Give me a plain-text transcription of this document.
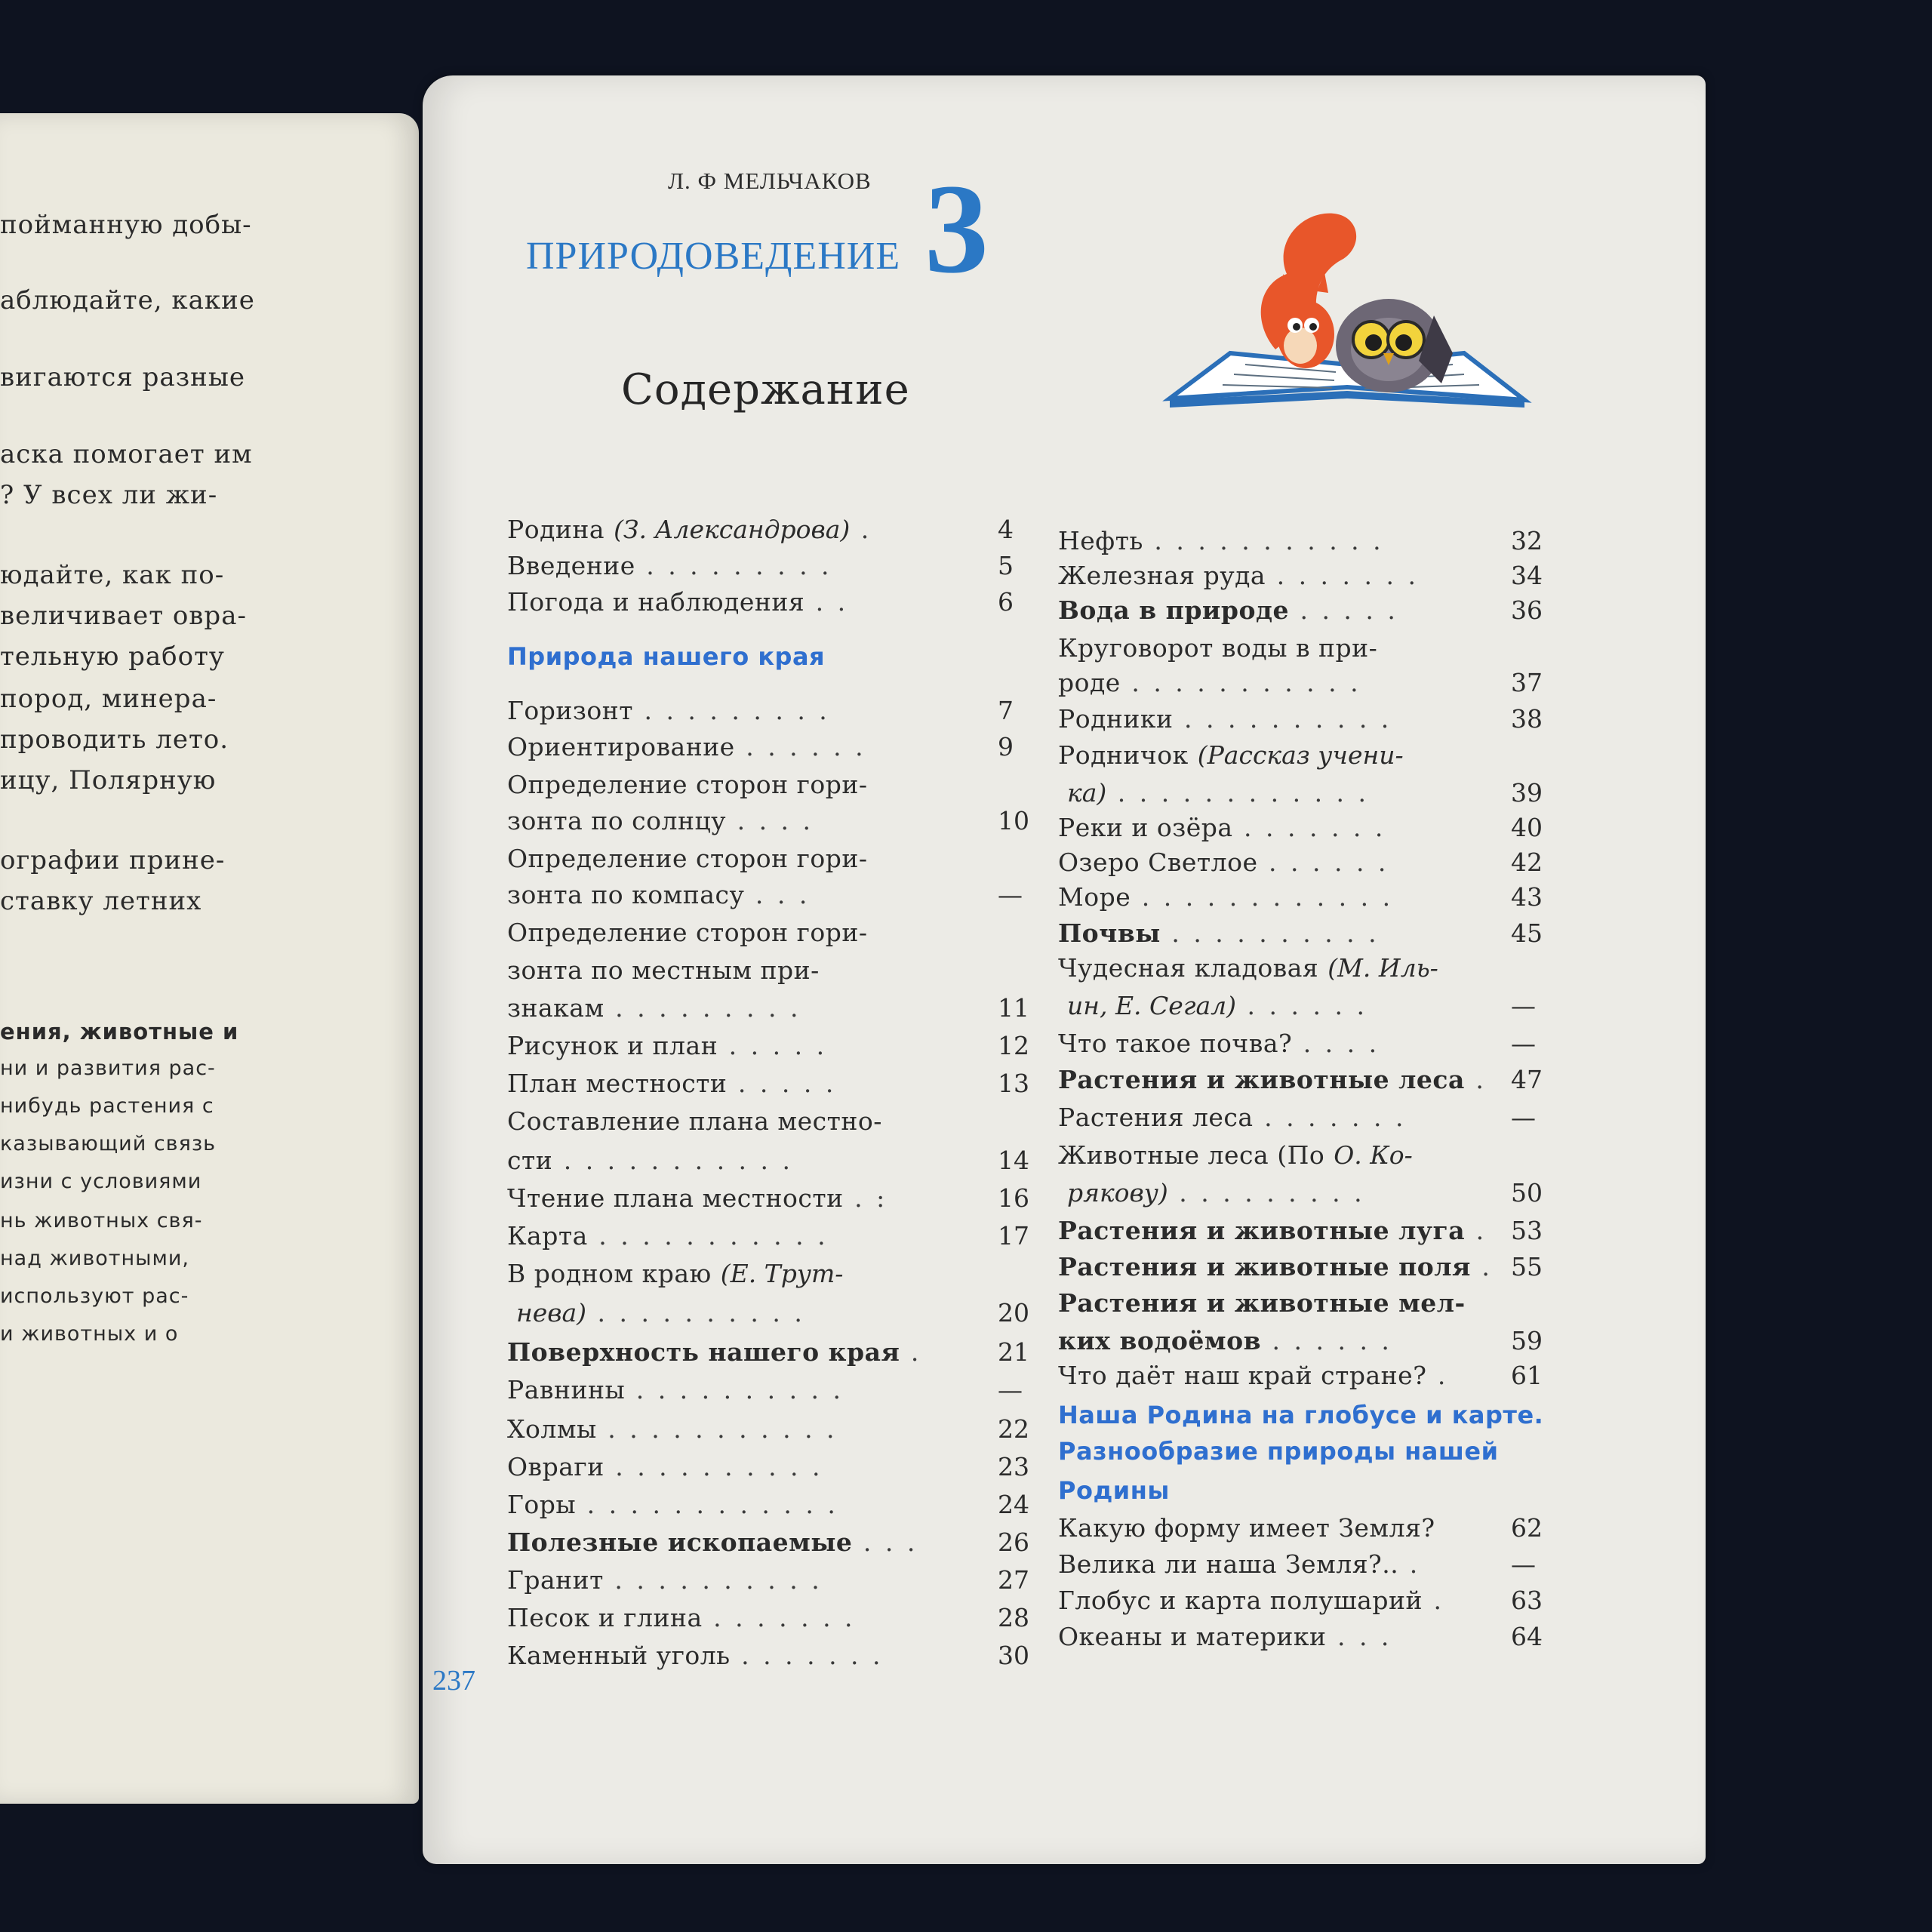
пойманную добы-
аблюдайте, какие
вигаются разные
аска помогает им
? У всех ли жи-
юдайте, как по-
величивает овра-
тельную работу
пород, минера-
проводить лето.
ицу, Полярную
ографии прине-
ставку летних
ения, животные и
ни и развития рас-
нибудь растения с
казывающий связь
изни с условиями
нь животных свя-
над животными,
используют рас-
и животных и о
Л. Ф МЕЛЬЧАКОВ
ПРИРОДОВЕДЕНИЕ 3
Содержание
Родина (З. Александрова) .	4
Введение . . . . . . . . .	5
Погода и наблюдения . .	6
Природа нашего края
Горизонт . . . . . . . . .	7
Ориентирование . . . . . .	9
Определение сторон гори-
зонта по солнцу . . . .	10
Определение сторон гори-
зонта по компасу . . .	—
Определение сторон гори-
зонта по местным при-
знакам . . . . . . . . .	11
Рисунок и план . . . . .	12
План местности . . . . .	13
Составление плана местно-
сти . . . . . . . . . . .	14
Чтение плана местности . :	16
Карта . . . . . . . . . . .	17
В родном краю (Е. Трут-
нева) . . . . . . . . . .	20
Поверхность нашего края .	21
Равнины . . . . . . . . . .	—
Холмы . . . . . . . . . . .	22
Овраги . . . . . . . . . .	23
Горы . . . . . . . . . . . .	24
Полезные ископаемые . . .	26
Гранит . . . . . . . . . .	27
Песок и глина . . . . . . .	28
Каменный уголь . . . . . . .	30
Нефть . . . . . . . . . . .	32
Железная руда . . . . . . .	34
Вода в природе . . . . .	36
Круговорот воды в при-
роде . . . . . . . . . . .	37
Родники . . . . . . . . . .	38
Родничок (Рассказ учени-
ка) . . . . . . . . . . . .	39
Реки и озёра . . . . . . .	40
Озеро Светлое . . . . . .	42
Море . . . . . . . . . . . .	43
Почвы . . . . . . . . . .	45
Чудесная кладовая (М. Иль-
ин, Е. Сегал) . . . . . .	—
Что такое почва? . . . .	—
Растения и животные леса . 47
Растения леса . . . . . . .	—
Животные леса (По О. Ко-
рякову) . . . . . . . . .	50
Растения и животные луга . 53
Растения и животные поля . 55
Растения и животные мел-
ких водоёмов . . . . . .	59
Что даёт наш край стране? .	61
Наша Родина на глобусе и карте.
Разнообразие природы нашей
Родины
Какую форму имеет Земля?	62
Велика ли наша Земля?.. .	—
Глобус и карта полушарий .	63
Океаны и материки . . .	64
237
